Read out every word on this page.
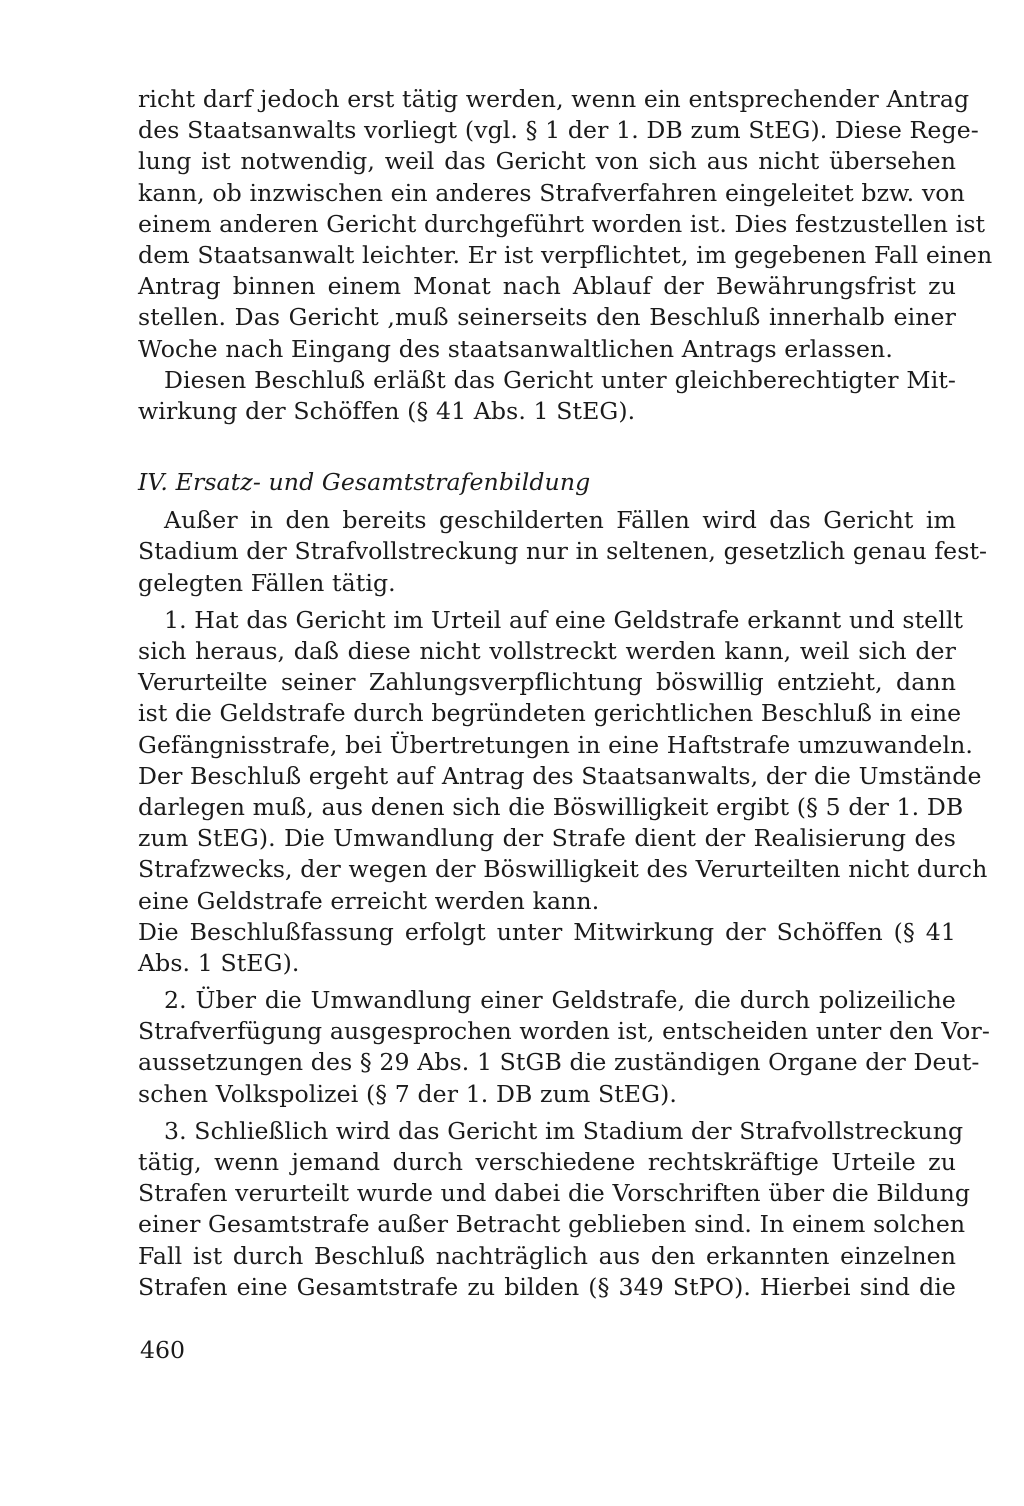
richt darf jedoch erst tätig werden, wenn ein entsprechender Antrag
des Staatsanwalts vorliegt (vgl. § 1 der 1. DB zum StEG). Diese Rege-
lung ist notwendig, weil das Gericht von sich aus nicht übersehen
kann, ob inzwischen ein anderes Strafverfahren eingeleitet bzw. von
einem anderen Gericht durchgeführt worden ist. Dies festzustellen ist
dem Staatsanwalt leichter. Er ist verpflichtet, im gegebenen Fall einen
Antrag binnen einem Monat nach Ablauf der Bewährungsfrist zu
stellen. Das Gericht ,muß seinerseits den Beschluß innerhalb einer
Woche nach Eingang des staatsanwaltlichen Antrags erlassen.
Diesen Beschluß erläßt das Gericht unter gleichberechtigter Mit-
wirkung der Schöffen (§ 41 Abs. 1 StEG).
IV. Ersatz- und Gesamtstrafenbildung
Außer in den bereits geschilderten Fällen wird das Gericht im
Stadium der Strafvollstreckung nur in seltenen, gesetzlich genau fest-
gelegten Fällen tätig.
1. Hat das Gericht im Urteil auf eine Geldstrafe erkannt und stellt
sich heraus, daß diese nicht vollstreckt werden kann, weil sich der
Verurteilte seiner Zahlungsverpflichtung böswillig entzieht, dann
ist die Geldstrafe durch begründeten gerichtlichen Beschluß in eine
Gefängnisstrafe, bei Übertretungen in eine Haftstrafe umzuwandeln.
Der Beschluß ergeht auf Antrag des Staatsanwalts, der die Umstände
darlegen muß, aus denen sich die Böswilligkeit ergibt (§ 5 der 1. DB
zum StEG). Die Umwandlung der Strafe dient der Realisierung des
Strafzwecks, der wegen der Böswilligkeit des Verurteilten nicht durch
eine Geldstrafe erreicht werden kann.
Die Beschlußfassung erfolgt unter Mitwirkung der Schöffen (§ 41
Abs. 1 StEG).
2. Über die Umwandlung einer Geldstrafe, die durch polizeiliche
Strafverfügung ausgesprochen worden ist, entscheiden unter den Vor-
aussetzungen des § 29 Abs. 1 StGB die zuständigen Organe der Deut-
schen Volkspolizei (§ 7 der 1. DB zum StEG).
3. Schließlich wird das Gericht im Stadium der Strafvollstreckung
tätig, wenn jemand durch verschiedene rechtskräftige Urteile zu
Strafen verurteilt wurde und dabei die Vorschriften über die Bildung
einer Gesamtstrafe außer Betracht geblieben sind. In einem solchen
Fall ist durch Beschluß nachträglich aus den erkannten einzelnen
Strafen eine Gesamtstrafe zu bilden (§ 349 StPO). Hierbei sind die
460
